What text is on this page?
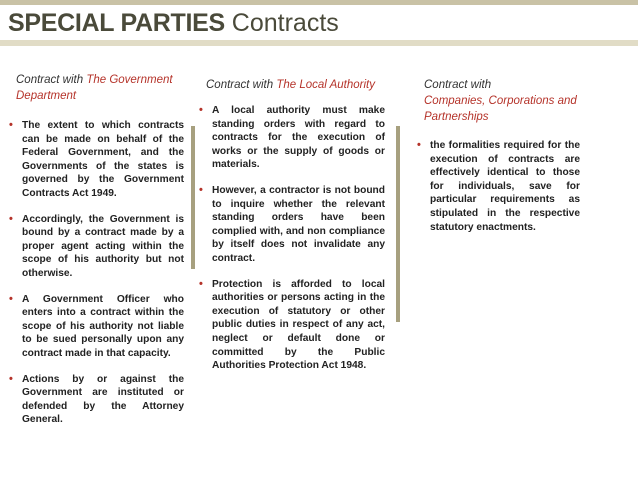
SPECIAL PARTIES Contracts
Contract with The Government Department
• The extent to which contracts can be made on behalf of the Federal Government, and the Governments of the states is governed by the Government Contracts Act 1949.
• Accordingly, the Government is bound by a contract made by a proper agent acting within the scope of his authority but not otherwise.
• A Government Officer who enters into a contract within the scope of his authority not liable to be sued personally upon any contract made in that capacity.
• Actions by or against the Government are instituted or defended by the Attorney General.
Contract with The Local Authority
• A local authority must make standing orders with regard to contracts for the execution of works or the supply of goods or materials.
• However, a contractor is not bound to inquire whether the relevant standing orders have been complied with, and non compliance by itself does not invalidate any contract.
• Protection is afforded to local authorities or persons acting in the execution of statutory or other public duties in respect of any act, neglect or default done or committed by the Public Authorities Protection Act 1948.
Contract with
Companies, Corporations and Partnerships
• the formalities required for the execution of contracts are effectively identical to those for individuals, save for particular requirements as stipulated in the respective statutory enactments.
